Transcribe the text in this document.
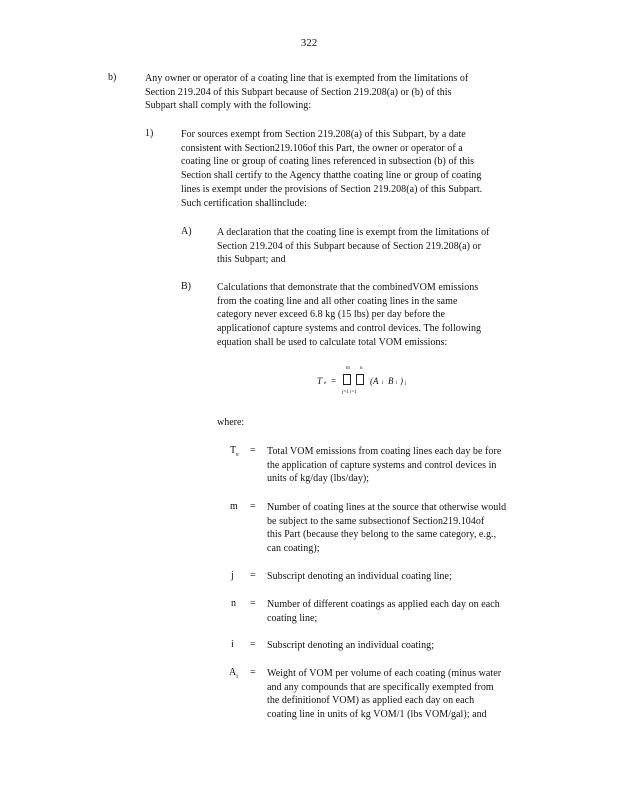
322
b)	Any owner or operator of a coating line that is exempted from the limitations of
Section 219.204 of this Subpart because of Section 219.208(a) or (b) of this
Subpart shall comply with the following:
1)	For sources exempt from Section 219.208(a) of this Subpart, by a date
consistent with Section219.106of this Part, the owner or operator of a
coating line or group of coating lines referenced in subsection (b) of this
Section shall certify to the Agency thatthe coating line or group of coating
lines is exempt under the provisions of Section 219.208(a) of this Subpart.
Such certification shallinclude:
A)	A declaration that the coating line is exempt from the limitations of
Section 219.204 of this Subpart because of Section 219.208(a) or
this Subpart; and
B)	Calculations that demonstrate that the combinedVOM emissions
from the coating line and all other coating lines in the same
category never exceed 6.8 kg (15 lbs) per day before the
applicationof capture systems and control devices. The following
equation shall be used to calculate total VOM emissions:
m n
T e =	(A i B i ) j
j=1 i=1
where:
$T_e$ = Total VOM emissions from coating lines each day be fore
the application of capture systems and control devices in
units of kg/day (lbs/day);
m = Number of coating lines at the source that otherwise would
be subject to the same subsectionof Section219.104of
this Part (because they belong to the same category, e.g.,
can coating);
j = Subscript denoting an individual coating line;
n = Number of different coatings as applied each day on each
coating line;
i = Subscript denoting an individual coating;
$A_i$ = Weight of VOM per volume of each coating (minus water
and any compounds that are specifically exempted from
the definitionof VOM) as applied each day on each
coating line in units of kg VOM/1 (lbs VOM/gal); and
